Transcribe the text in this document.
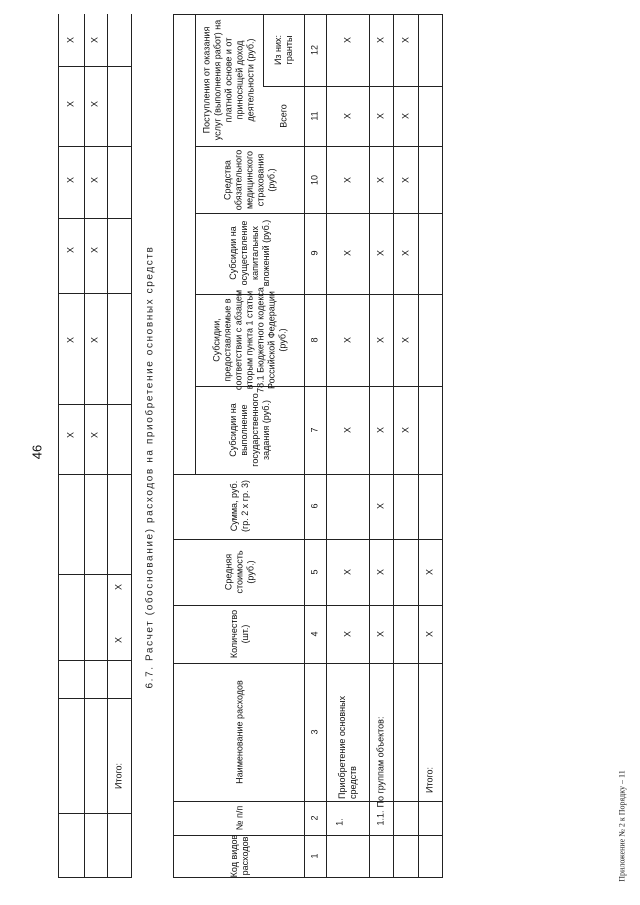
46	6.7. Расчет (обоснование) расходов на приобретение основных средств
Приложение № 2 к Порядку – 11
Итого:
X
X
X X
X X
X X
X X
X X
X X
Код видов расходов
№ п/п
Наименование расходов
Количество (шт.)
Средняя стоимость (руб.)
Сумма, руб. (гр. 2 х гр. 3)
Субсидии на выполнение государственного задания (руб.)
Субсидии, предоставляемые в соответствии с абзацем вторым пункта 1 статьи 78.1 Бюджетного кодекса Российской Федерации (руб.)
Субсидии на осуществление капитальных вложений (руб.)
Средства обязательного медицинского страхования (руб.)
Поступления от оказания услуг (выполнения работ) на платной основе и от приносящей доход деятельности (руб.)	Всего
Из них: гранты
1
2
3
4
5
6
7
8
9
10
11
12
1.
Приобретение основных средств
X
X
X
X
X
X
X
X
1.1.
По группам объектов:
X
X
X
X
X
X
X
X
X
X
X
X
X
X
X
Итого:
X
X
